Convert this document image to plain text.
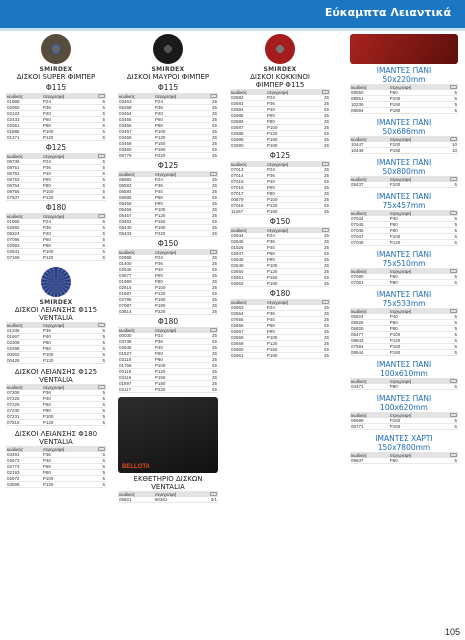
Εύκαμπτα Λειαντικά
SMIRDEX
ΔΙΣΚΟΙ SUPER ΦΙΜΠΕΡ
Φ115
κωδικός	περιγραφή	
01988	P24	5
02060	P36	5
02122	P40	5
02433	P60	5
02061	P80	5
01885	P100	5
01271	P120	5
Φ125
κωδικός	περιγραφή	
06736	P24	5
06751	P36	5
06752	P40	5
06753	P60	5
06754	P80	5
06755	P100	5
07537	P120	5
Φ180
κωδικός	περιγραφή	
01966	P24	5
02892	P36	5
09324	P40	5
07095	P60	5
02093	P80	5
02541	P100	5
07169	P120	5
SMIRDEX
ΔΙΣΚΟΙ ΛΕΙΑΝΣΗΣ Φ115
VENTALIA
κωδικός	περιγραφή	
01336	P36	5
01667	P40	5
02308	P60	5
02298	P80	5
00663	P100	5
00425	P120	5
ΔΙΣΚΟΙ ΛΕΙΑΝΣΗΣ Φ125
VENTALIA
κωδικός	περιγραφή	
07306	P36	5
07225	P40	5
07229	P60	5
07230	P80	5
07231	P100	5
07516	P120	5
ΔΙΣΚΟΙ ΛΕΙΑΝΣΗΣ Φ180
VENTALIA
κωδικός	περιγραφή	
03491	P36	5
02673	P40	5
02774	P60	5
02193	P80	5
02972	P100	5
03599	P120	5
SMIRDEX
ΔΙΣΚΟΙ ΜΑΥΡΟΙ ΦΙΜΠΕΡ
Φ115
κωδικός	περιγραφή	
03453	P24	25
05268	P36	25
03454	P40	25
03455	P60	25
03456	P80	25
03457	P100	25
03458	P120	25
03459	P150	25
03460	P180	25
06776	P220	25
Φ125
κωδικός	περιγραφή	
06582	P24	25
06583	P36	25
06584	P40	25
06585	P60	25
06456	P80	25
05456	P100	25
05457	P120	25
03452	P150	25
05440	P180	25
05433	P220	25
Φ150
κωδικός	περιγραφή	
02888	P24	25
01400	P36	25
02646	P40	25
03677	P60	25
01990	P80	25
02615	P100	25
01887	P120	25
02795	P150	25
07087	P180	25
03614	P220	25
Φ180
κωδικός	περιγραφή	
00030	P24	25
03736	P36	25
02645	P40	25
01627	P60	25
03118	P80	25
01756	P100	25
00119	P120	25
03116	P150	25
01697	P180	25
02117	P220	25
BELLOTA
ΕΚΘΕΤΗΡΙΟ ΔΙΣΚΩΝ
VENTALIA
κωδικός	περιγραφή	
05821	50381	2/1
SMIRDEX
ΔΙΣΚΟΙ ΚΟΚΚΙΝΟΙ
ΦΙΜΠΕΡ Φ115
κωδικός	περιγραφή	
02682	P24	25
02683	P36	25
02684	P40	25
02685	P60	25
02686	P80	25
02687	P100	25
02688	P120	25
02689	P150	25
02690	P180	25
Φ125
κωδικός	περιγραφή	
07013	P24	25
07014	P36	25
07015	P40	25
07016	P60	25
07017	P80	25
00679	P100	25
07018	P120	25
11267	P150	25
Φ150
κωδικός	περιγραφή	
02644	P24	25
02645	P36	25
01526	P40	25
02647	P60	25
02648	P80	25
02649	P100	25
02650	P120	25
02651	P150	25
02652	P180	25
Φ180
κωδικός	περιγραφή	
02653	P24	25
02654	P36	25
07655	P40	25
02656	P60	25
02657	P80	25
02658	P100	25
02659	P120	25
02660	P150	25
02661	P180	25
ΙΜΑΝΤΕΣ ΠΑΝΙ
50x220mm
κωδικός	περιγραφή	
08550	P60	5
08551	P100	5
10235	P150	5
08694	P180	5
ΙΜΑΝΤΕΣ ΠΑΝΙ
50x686mm
κωδικός	περιγραφή	
10447	P100	10
10448	P150	10
ΙΜΑΝΤΕΣ ΠΑΝΙ
50x800mm
κωδικός	περιγραφή	
05437	P100	5
ΙΜΑΝΤΕΣ ΠΑΝΙ
75x457mm
κωδικός	περιγραφή	
07044	P40	5
07045	P60	5
07046	P80	5
07047	P100	5
07048	P120	5
ΙΜΑΝΤΕΣ ΠΑΝΙ
75x510mm
κωδικός	περιγραφή	
07080	P60	5
07081	P80	5
ΙΜΑΝΤΕΣ ΠΑΝΙ
75x533mm
κωδικός	περιγραφή	
05824	P40	5
05825	P60	5
05826	P80	5
05477	P100	5
08843	P120	5
07594	P150	5
08544	P180	5
ΙΜΑΝΤΕΣ ΠΑΝΙ
100x610mm
κωδικός	περιγραφή	
04471	P80	5
ΙΜΑΝΤΕΣ ΠΑΝΙ
100x620mm
κωδικός	περιγραφή	
06595	P150	5
05771	P150	5
ΙΜΑΝΤΕΣ ΧΑΡΤΙ
150x7800mm
κωδικός	περιγραφή	
09637	P60	5
105
